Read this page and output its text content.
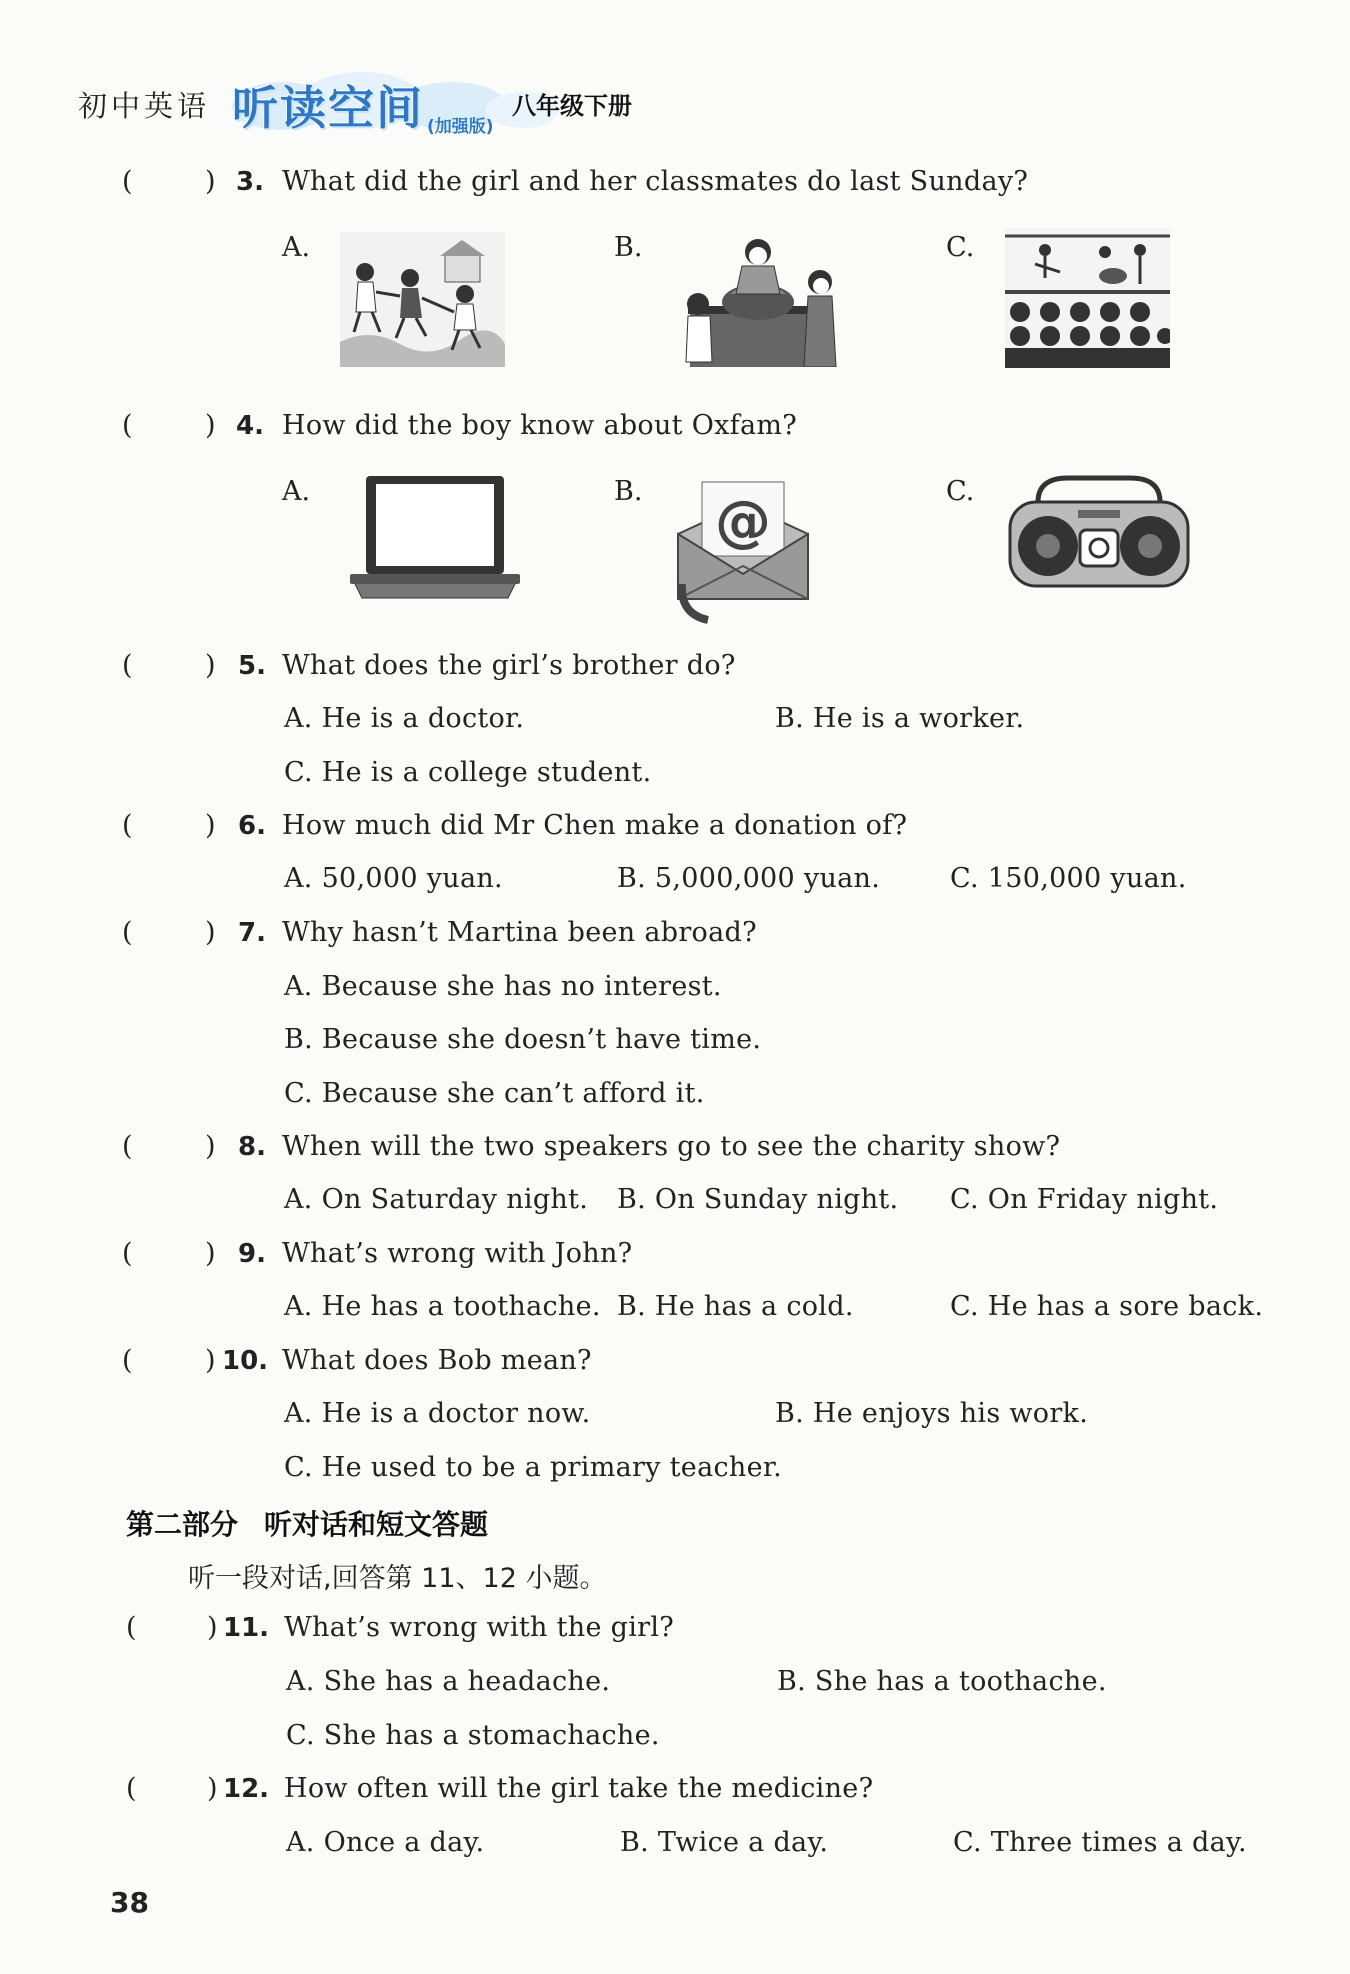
初中英语 听读空间 (加强版)
八年级下册
(	) 3. What did the girl and her classmates do last Sunday?
A.	B.	C.
(	) 4. How did the boy know about Oxfam?
A.	B. @	C.
(	) 5. What does the girl’s brother do?
A. He is a doctor.	B. He is a worker.
C. He is a college student.
(	) 6. How much did Mr Chen make a donation of?
A. 50,000 yuan.	B. 5,000,000 yuan.	C. 150,000 yuan.
(	) 7. Why hasn’t Martina been abroad?
A. Because she has no interest.
B. Because she doesn’t have time.
C. Because she can’t afford it.
(	) 8. When will the two speakers go to see the charity show?
A. On Saturday night. B. On Sunday night. C. On Friday night.
(	) 9. What’s wrong with John?
A. He has a toothache. B. He has a cold.	C. He has a sore back.
(	) 10. What does Bob mean?
A. He is a doctor now.	B. He enjoys his work.
C. He used to be a primary teacher.
第二部分 听对话和短文答题
听一段对话,回答第 11、12 小题。
(	) 11. What’s wrong with the girl?
A. She has a headache.	B. She has a toothache.
C. She has a stomachache.
(	) 12. How often will the girl take the medicine?
A. Once a day.	B. Twice a day.	C. Three times a day.
38
